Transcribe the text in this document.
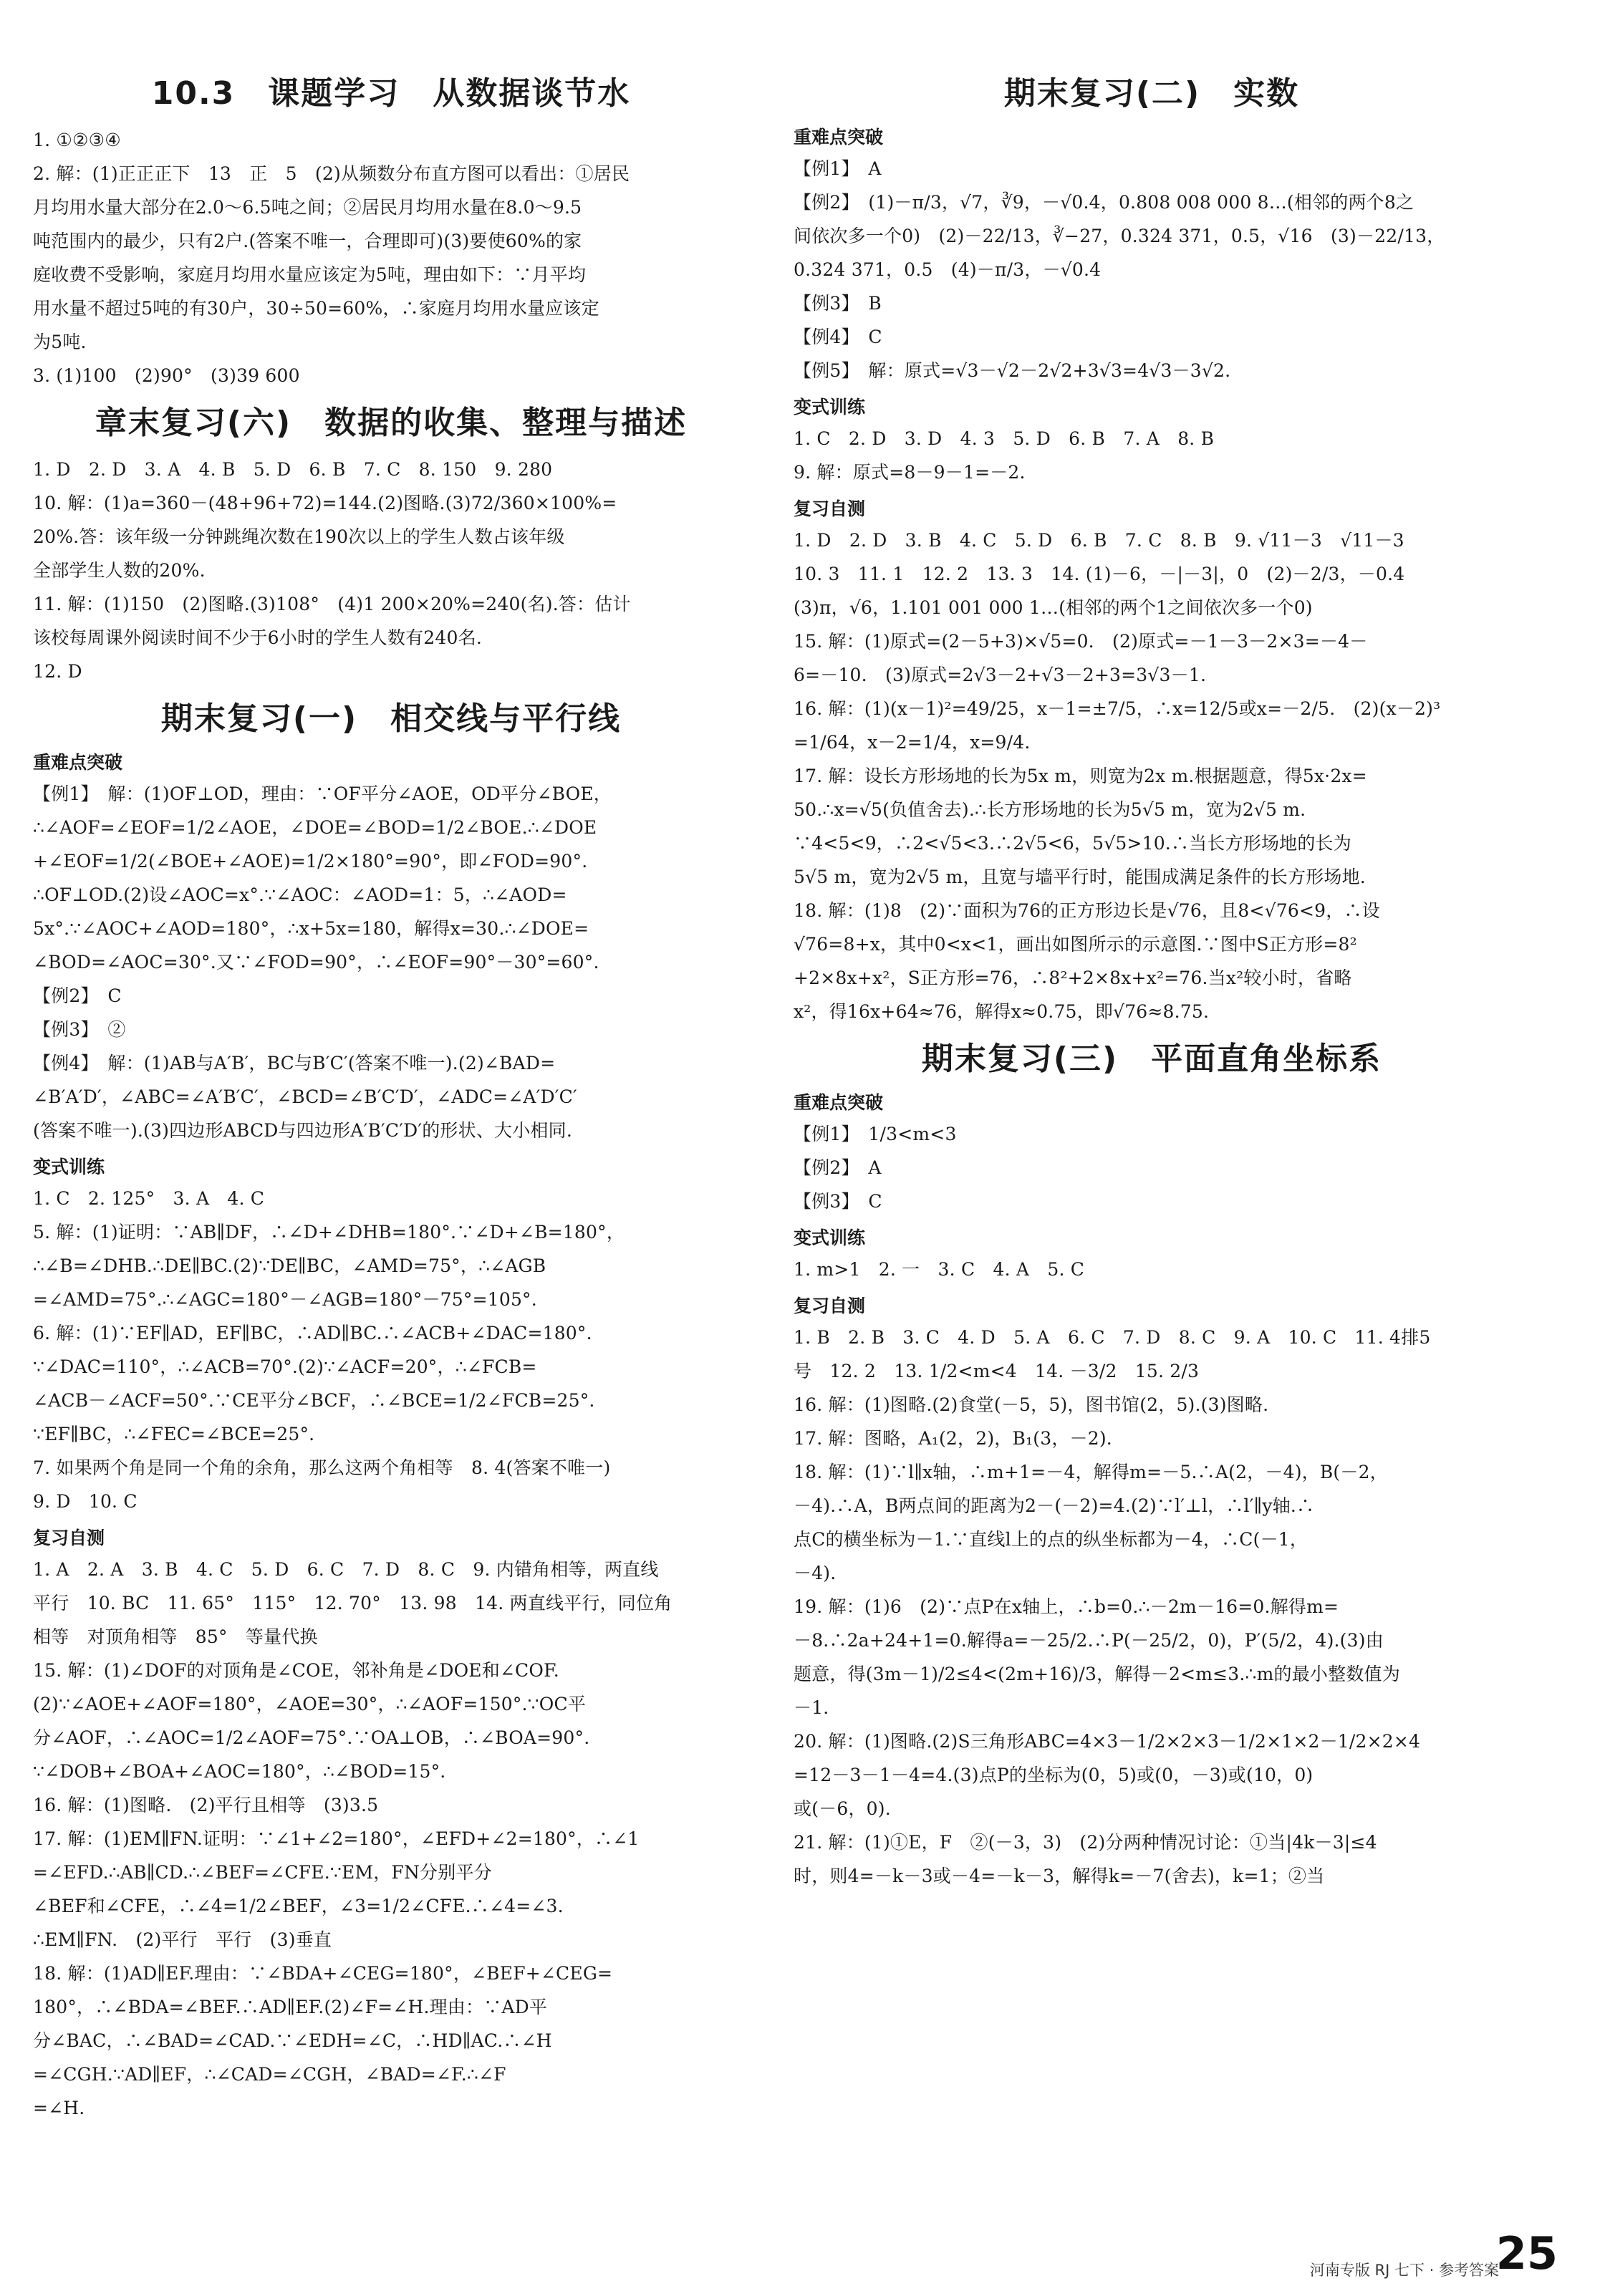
10.3　课题学习　从数据谈节水
1. ①②③④
2. 解：(1)正正正下　13　正　5　(2)从频数分布直方图可以看出：①居民
月均用水量大部分在2.0～6.5吨之间；②居民月均用水量在8.0～9.5
吨范围内的最少，只有2户.(答案不唯一，合理即可)(3)要使60%的家
庭收费不受影响，家庭月均用水量应该定为5吨，理由如下：∵月平均
用水量不超过5吨的有30户，30÷50=60%，∴家庭月均用水量应该定
为5吨.
3. (1)100　(2)90°　(3)39 600
章末复习(六)　数据的收集、整理与描述
1. D　2. D　3. A　4. B　5. D　6. B　7. C　8. 150　9. 280
10. 解：(1)a=360－(48+96+72)=144.(2)图略.(3)72/360×100%=
20%.答：该年级一分钟跳绳次数在190次以上的学生人数占该年级
全部学生人数的20%.
11. 解：(1)150　(2)图略.(3)108°　(4)1 200×20%=240(名).答：估计
该校每周课外阅读时间不少于6小时的学生人数有240名.
12. D
期末复习(一)　相交线与平行线
重难点突破
【例1】　解：(1)OF⊥OD，理由：∵OF平分∠AOE，OD平分∠BOE，
∴∠AOF=∠EOF=1/2∠AOE，∠DOE=∠BOD=1/2∠BOE.∴∠DOE
+∠EOF=1/2(∠BOE+∠AOE)=1/2×180°=90°，即∠FOD=90°.
∴OF⊥OD.(2)设∠AOC=x°.∵∠AOC：∠AOD=1：5，∴∠AOD=
5x°.∵∠AOC+∠AOD=180°，∴x+5x=180，解得x=30.∴∠DOE=
∠BOD=∠AOC=30°.又∵∠FOD=90°，∴∠EOF=90°－30°=60°.
【例2】　C
【例3】　②
【例4】　解：(1)AB与A′B′，BC与B′C′(答案不唯一).(2)∠BAD=
∠B′A′D′，∠ABC=∠A′B′C′，∠BCD=∠B′C′D′，∠ADC=∠A′D′C′
(答案不唯一).(3)四边形ABCD与四边形A′B′C′D′的形状、大小相同.
变式训练
1. C　2. 125°　3. A　4. C
5. 解：(1)证明：∵AB∥DF，∴∠D+∠DHB=180°.∵∠D+∠B=180°，
∴∠B=∠DHB.∴DE∥BC.(2)∵DE∥BC，∠AMD=75°，∴∠AGB
=∠AMD=75°.∴∠AGC=180°－∠AGB=180°－75°=105°.
6. 解：(1)∵EF∥AD，EF∥BC，∴AD∥BC.∴∠ACB+∠DAC=180°.
∵∠DAC=110°，∴∠ACB=70°.(2)∵∠ACF=20°，∴∠FCB=
∠ACB－∠ACF=50°.∵CE平分∠BCF，∴∠BCE=1/2∠FCB=25°.
∵EF∥BC，∴∠FEC=∠BCE=25°.
7. 如果两个角是同一个角的余角，那么这两个角相等　8. 4(答案不唯一)
9. D　10. C
复习自测
1. A　2. A　3. B　4. C　5. D　6. C　7. D　8. C　9. 内错角相等，两直线
平行　10. BC　11. 65°　115°　12. 70°　13. 98　14. 两直线平行，同位角
相等　对顶角相等　85°　等量代换
15. 解：(1)∠DOF的对顶角是∠COE，邻补角是∠DOE和∠COF.
(2)∵∠AOE+∠AOF=180°，∠AOE=30°，∴∠AOF=150°.∵OC平
分∠AOF，∴∠AOC=1/2∠AOF=75°.∵OA⊥OB，∴∠BOA=90°.
∵∠DOB+∠BOA+∠AOC=180°，∴∠BOD=15°.
16. 解：(1)图略.　(2)平行且相等　(3)3.5
17. 解：(1)EM∥FN.证明：∵∠1+∠2=180°，∠EFD+∠2=180°，∴∠1
=∠EFD.∴AB∥CD.∴∠BEF=∠CFE.∵EM，FN分别平分
∠BEF和∠CFE，∴∠4=1/2∠BEF，∠3=1/2∠CFE.∴∠4=∠3.
∴EM∥FN.　(2)平行　平行　(3)垂直
18. 解：(1)AD∥EF.理由：∵∠BDA+∠CEG=180°，∠BEF+∠CEG=
180°，∴∠BDA=∠BEF.∴AD∥EF.(2)∠F=∠H.理由：∵AD平
分∠BAC，∴∠BAD=∠CAD.∵∠EDH=∠C，∴HD∥AC.∴∠H
=∠CGH.∵AD∥EF，∴∠CAD=∠CGH，∠BAD=∠F.∴∠F
=∠H.
期末复习(二)　实数
重难点突破
【例1】　A
【例2】　(1)－π/3，√7，∛9，－√0.4，0.808 008 000 8…(相邻的两个8之
间依次多一个0)　(2)－22/13，∛−27，0.324 371，0.5，√16　(3)－22/13，
0.324 371，0.5　(4)－π/3，－√0.4
【例3】　B
【例4】　C
【例5】　解：原式=√3－√2－2√2+3√3=4√3－3√2.
变式训练
1. C　2. D　3. D　4. 3　5. D　6. B　7. A　8. B
9. 解：原式=8－9－1=－2.
复习自测
1. D　2. D　3. B　4. C　5. D　6. B　7. C　8. B　9. √11－3　√11－3
10. 3　11. 1　12. 2　13. 3　14. (1)－6，－|－3|，0　(2)－2/3，－0.4
(3)π，√6，1.101 001 000 1…(相邻的两个1之间依次多一个0)
15. 解：(1)原式=(2－5+3)×√5=0.　(2)原式=－1－3－2×3=－4－
6=－10.　(3)原式=2√3－2+√3－2+3=3√3－1.
16. 解：(1)(x－1)²=49/25，x－1=±7/5，∴x=12/5或x=－2/5.　(2)(x－2)³
=1/64，x－2=1/4，x=9/4.
17. 解：设长方形场地的长为5x m，则宽为2x m.根据题意，得5x·2x=
50.∴x=√5(负值舍去).∴长方形场地的长为5√5 m，宽为2√5 m.
∵4<5<9，∴2<√5<3.∴2√5<6，5√5>10.∴当长方形场地的长为
5√5 m，宽为2√5 m，且宽与墙平行时，能围成满足条件的长方形场地.
18. 解：(1)8　(2)∵面积为76的正方形边长是√76，且8<√76<9，∴设
√76=8+x，其中0<x<1，画出如图所示的示意图.∵图中S正方形=8²
+2×8x+x²，S正方形=76，∴8²+2×8x+x²=76.当x²较小时，省略
x²，得16x+64≈76，解得x≈0.75，即√76≈8.75.
期末复习(三)　平面直角坐标系
重难点突破
【例1】　1/3<m<3
【例2】　A
【例3】　C
变式训练
1. m>1　2. 一　3. C　4. A　5. C
复习自测
1. B　2. B　3. C　4. D　5. A　6. C　7. D　8. C　9. A　10. C　11. 4排5
号　12. 2　13. 1/2<m<4　14. －3/2　15. 2/3
16. 解：(1)图略.(2)食堂(－5，5)，图书馆(2，5).(3)图略.
17. 解：图略，A₁(2，2)，B₁(3，－2).
18. 解：(1)∵l∥x轴，∴m+1=－4，解得m=－5.∴A(2，－4)，B(－2，
－4).∴A，B两点间的距离为2－(－2)=4.(2)∵l′⊥l，∴l′∥y轴.∴
点C的横坐标为－1.∵直线l上的点的纵坐标都为－4，∴C(－1，
－4).
19. 解：(1)6　(2)∵点P在x轴上，∴b=0.∴－2m－16=0.解得m=
－8.∴2a+24+1=0.解得a=－25/2.∴P(－25/2，0)，P′(5/2，4).(3)由
题意，得(3m－1)/2≤4<(2m+16)/3，解得－2<m≤3.∴m的最小整数值为
－1.
20. 解：(1)图略.(2)S三角形ABC=4×3－1/2×2×3－1/2×1×2－1/2×2×4
=12－3－1－4=4.(3)点P的坐标为(0，5)或(0，－3)或(10，0)
或(－6，0).
21. 解：(1)①E，F　②(－3，3)　(2)分两种情况讨论：①当|4k－3|≤4
时，则4=－k－3或－4=－k－3，解得k=－7(舍去)，k=1；②当
河南专版 RJ 七下 · 参考答案
25
